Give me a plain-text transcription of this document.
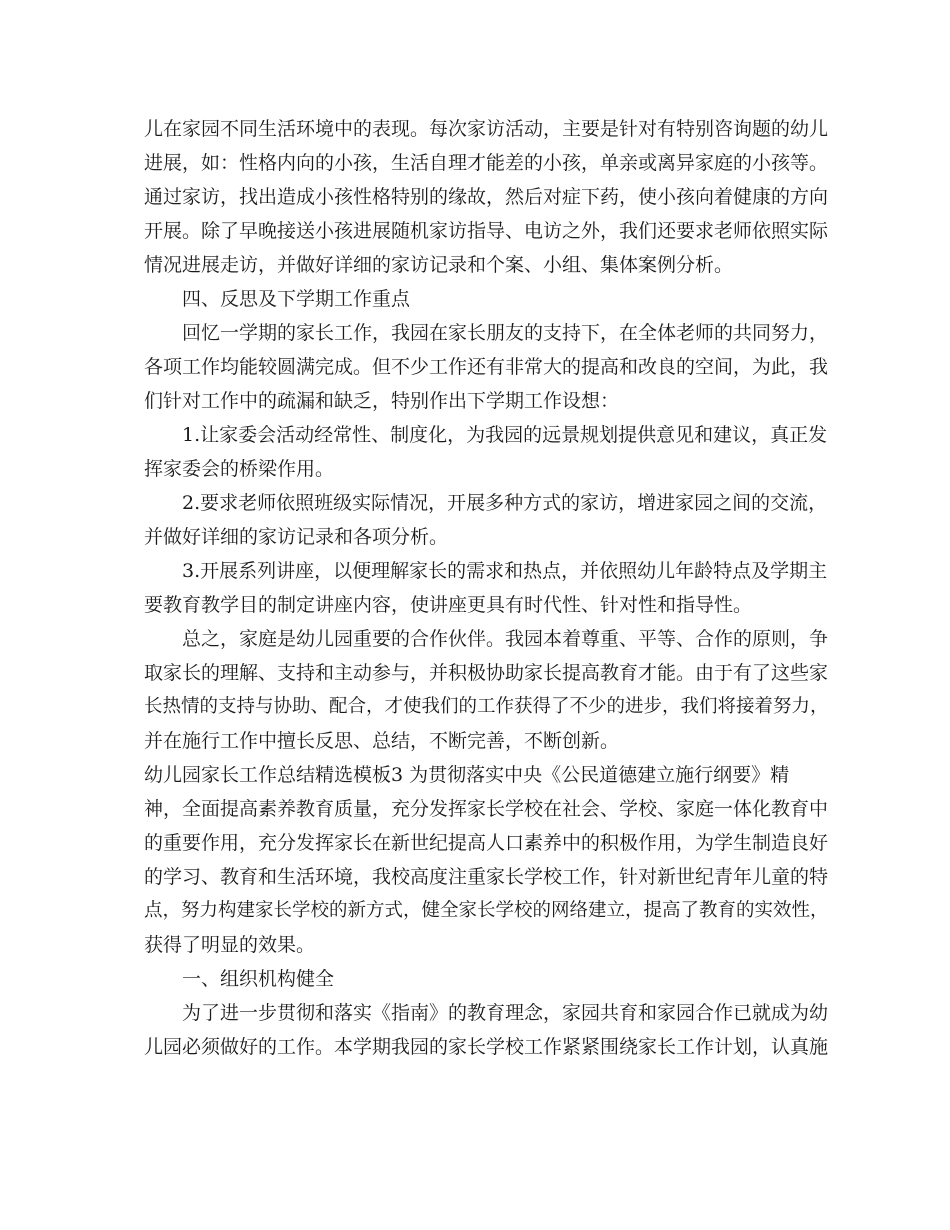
儿在家园不同生活环境中的表现。每次家访活动，主要是针对有特别咨询题的幼儿
进展，如：性格内向的小孩，生活自理才能差的小孩，单亲或离异家庭的小孩等。
通过家访，找出造成小孩性格特别的缘故，然后对症下药，使小孩向着健康的方向
开展。除了早晚接送小孩进展随机家访指导、电访之外，我们还要求老师依照实际
情况进展走访，并做好详细的家访记录和个案、小组、集体案例分析。
四、反思及下学期工作重点
回忆一学期的家长工作，我园在家长朋友的支持下，在全体老师的共同努力，
各项工作均能较圆满完成。但不少工作还有非常大的提高和改良的空间，为此，我
们针对工作中的疏漏和缺乏，特别作出下学期工作设想：
1.让家委会活动经常性、制度化，为我园的远景规划提供意见和建议，真正发
挥家委会的桥梁作用。
2.要求老师依照班级实际情况，开展多种方式的家访，增进家园之间的交流，
并做好详细的家访记录和各项分析。
3.开展系列讲座，以便理解家长的需求和热点，并依照幼儿年龄特点及学期主
要教育教学目的制定讲座内容，使讲座更具有时代性、针对性和指导性。
总之，家庭是幼儿园重要的合作伙伴。我园本着尊重、平等、合作的原则，争
取家长的理解、支持和主动参与，并积极协助家长提高教育才能。由于有了这些家
长热情的支持与协助、配合，才使我们的工作获得了不少的进步，我们将接着努力，
并在施行工作中擅长反思、总结，不断完善，不断创新。
幼儿园家长工作总结精选模板3 为贯彻落实中央《公民道德建立施行纲要》精
神，全面提高素养教育质量，充分发挥家长学校在社会、学校、家庭一体化教育中
的重要作用，充分发挥家长在新世纪提高人口素养中的积极作用，为学生制造良好
的学习、教育和生活环境，我校高度注重家长学校工作，针对新世纪青年儿童的特
点，努力构建家长学校的新方式，健全家长学校的网络建立，提高了教育的实效性，
获得了明显的效果。
一、组织机构健全
为了进一步贯彻和落实《指南》的教育理念，家园共育和家园合作已就成为幼
儿园必须做好的工作。本学期我园的家长学校工作紧紧围绕家长工作计划，认真施
